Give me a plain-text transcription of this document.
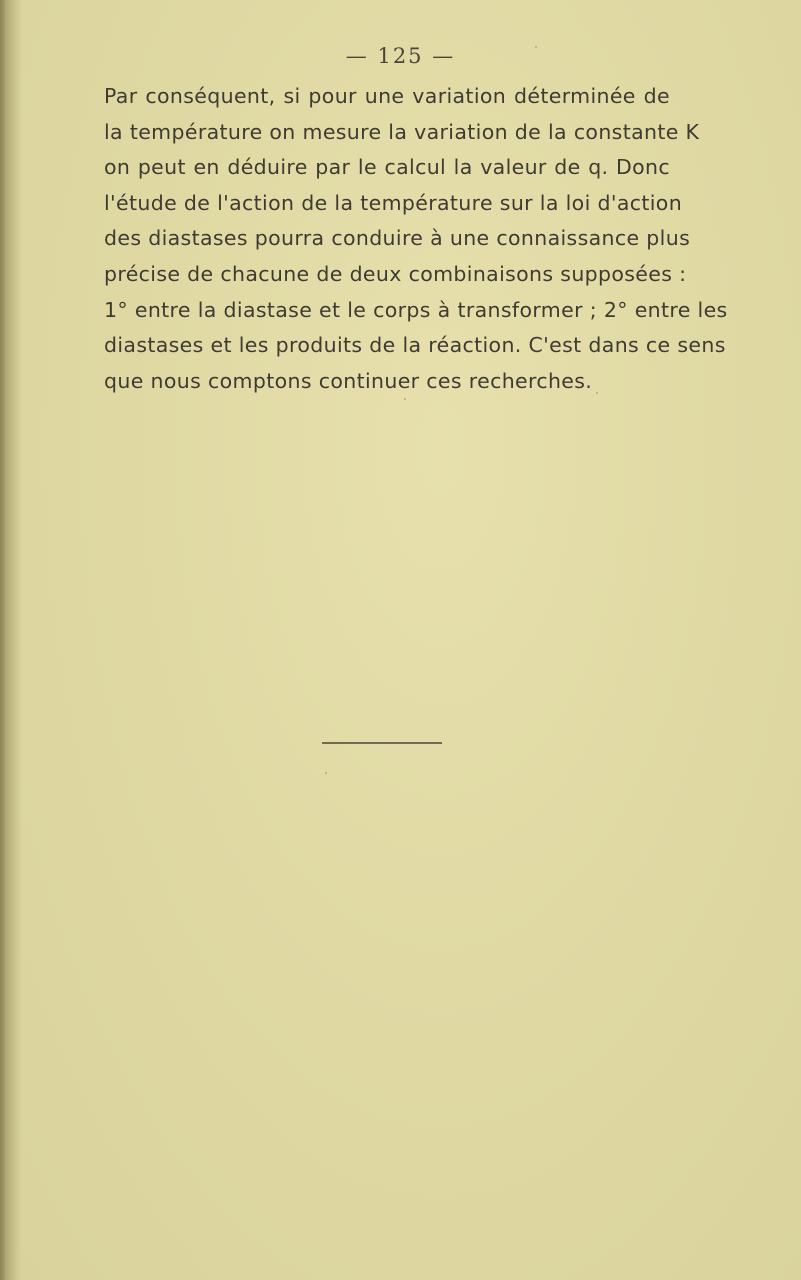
— 125 —

Par conséquent, si pour une variation déterminée de
la température on mesure la variation de la constante K
on peut en déduire par le calcul la valeur de q. Donc
l'étude de l'action de la température sur la loi d'action
des diastases pourra conduire à une connaissance plus
précise de chacune de deux combinaisons supposées :
1° entre la diastase et le corps à transformer ; 2° entre les
diastases et les produits de la réaction. C'est dans ce sens
que nous comptons continuer ces recherches.
